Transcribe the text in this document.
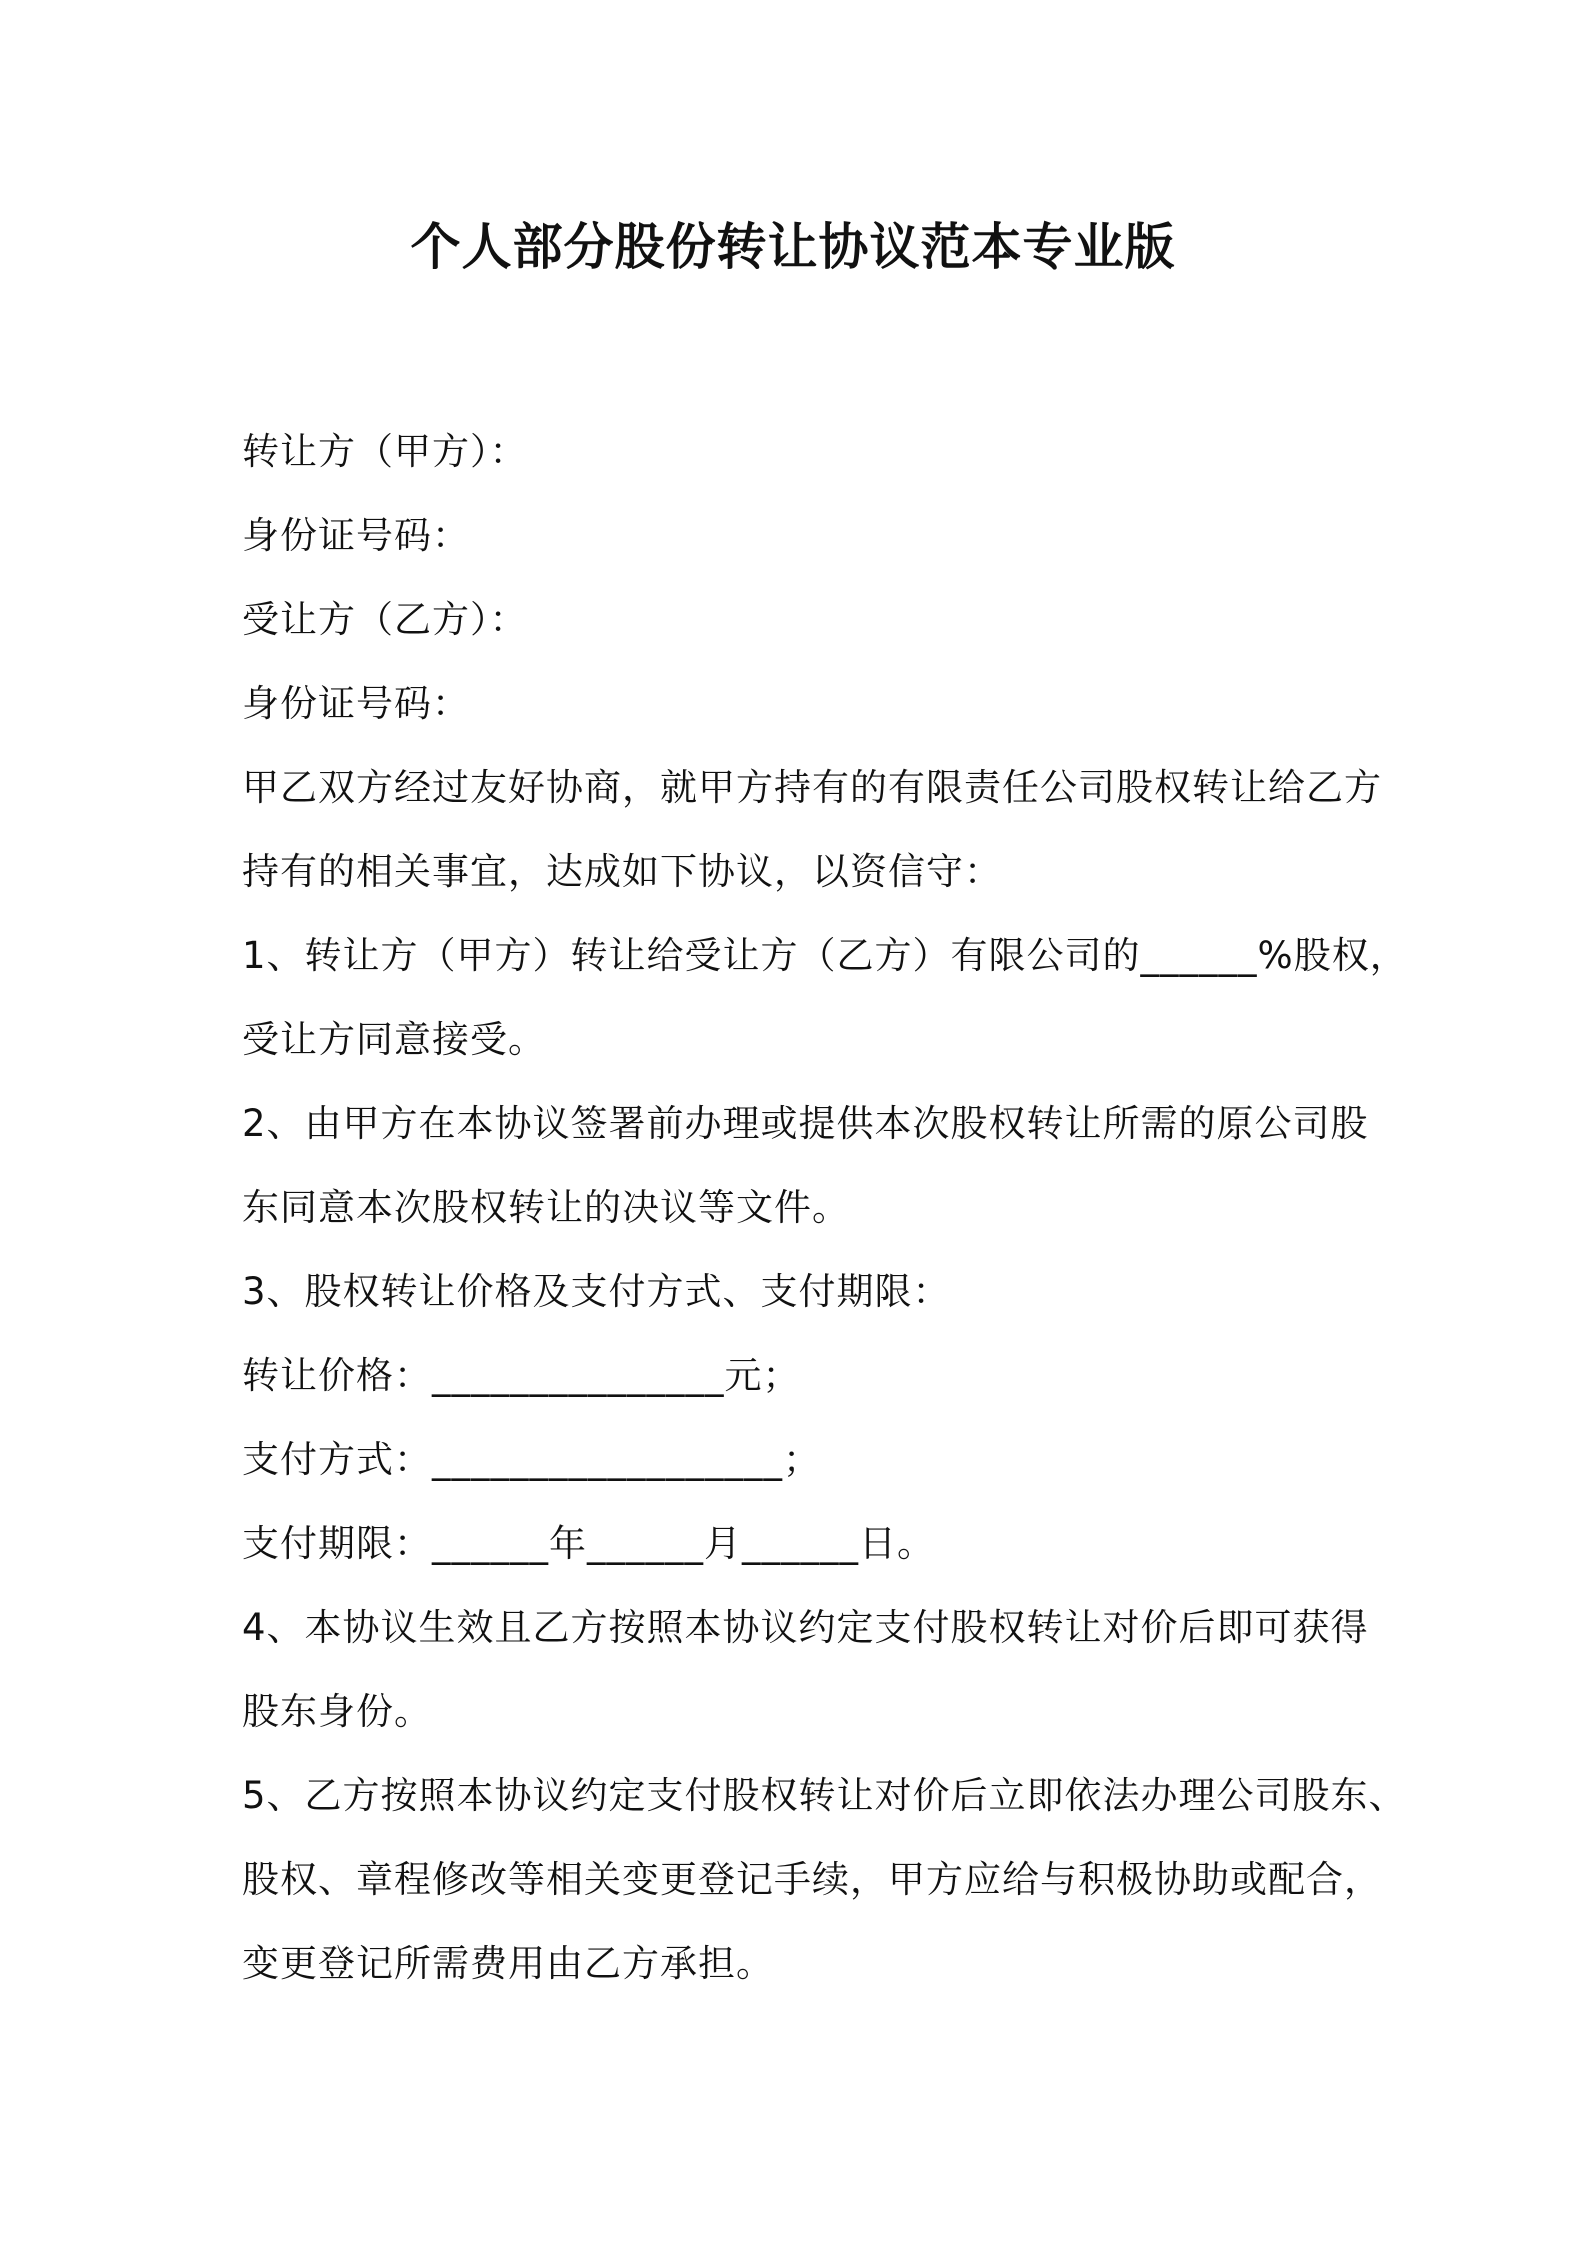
个人部分股份转让协议范本专业版
转让方（甲方）：
身份证号码：
受让方（乙方）：
身份证号码：
甲乙双方经过友好协商，就甲方持有的有限责任公司股权转让给乙方
持有的相关事宜，达成如下协议，以资信守：
1、转让方（甲方）转让给受让方（乙方）有限公司的______%股权，
受让方同意接受。
2、由甲方在本协议签署前办理或提供本次股权转让所需的原公司股
东同意本次股权转让的决议等文件。
3、股权转让价格及支付方式、支付期限：
转让价格：_______________元；
支付方式：__________________；
支付期限：______年______月______日。
4、本协议生效且乙方按照本协议约定支付股权转让对价后即可获得
股东身份。
5、乙方按照本协议约定支付股权转让对价后立即依法办理公司股东、
股权、章程修改等相关变更登记手续，甲方应给与积极协助或配合，
变更登记所需费用由乙方承担。
